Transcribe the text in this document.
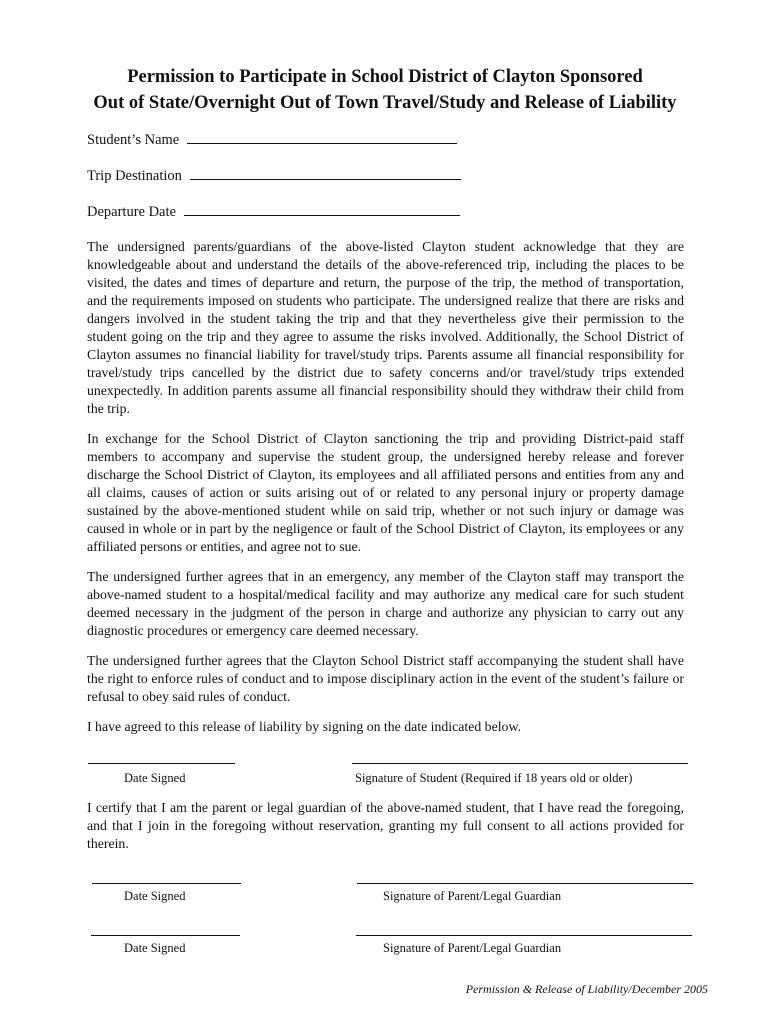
Permission to Participate in School District of Clayton Sponsored
Out of State/Overnight Out of Town Travel/Study and Release of Liability
Student’s Name
Trip Destination
Departure Date

The undersigned parents/guardians of the above-listed Clayton student acknowledge that they are knowledgeable about and understand the details of the above-referenced trip, including the places to be visited, the dates and times of departure and return, the purpose of the trip, the method of transportation, and the requirements imposed on students who participate. The undersigned realize that there are risks and dangers involved in the student taking the trip and that they nevertheless give their permission to the student going on the trip and they agree to assume the risks involved. Additionally, the School District of Clayton assumes no financial liability for travel/study trips. Parents assume all financial responsibility for travel/study trips cancelled by the district due to safety concerns and/or travel/study trips extended unexpectedly. In addition parents assume all financial responsibility should they withdraw their child from the trip.

In exchange for the School District of Clayton sanctioning the trip and providing District-paid staff members to accompany and supervise the student group, the undersigned hereby release and forever discharge the School District of Clayton, its employees and all affiliated persons and entities from any and all claims, causes of action or suits arising out of or related to any personal injury or property damage sustained by the above-mentioned student while on said trip, whether or not such injury or damage was caused in whole or in part by the negligence or fault of the School District of Clayton, its employees or any affiliated persons or entities, and agree not to sue.

The undersigned further agrees that in an emergency, any member of the Clayton staff may transport the above-named student to a hospital/medical facility and may authorize any medical care for such student deemed necessary in the judgment of the person in charge and authorize any physician to carry out any diagnostic procedures or emergency care deemed necessary.

The undersigned further agrees that the Clayton School District staff accompanying the student shall have the right to enforce rules of conduct and to impose disciplinary action in the event of the student’s failure or refusal to obey said rules of conduct.

I have agreed to this release of liability by signing on the date indicated below.

Date Signed	Signature of Student (Required if 18 years old or older)

I certify that I am the parent or legal guardian of the above-named student, that I have read the foregoing, and that I join in the foregoing without reservation, granting my full consent to all actions provided for therein.

Date Signed	Signature of Parent/Legal Guardian
Date Signed	Signature of Parent/Legal Guardian
Permission & Release of Liability/December 2005
